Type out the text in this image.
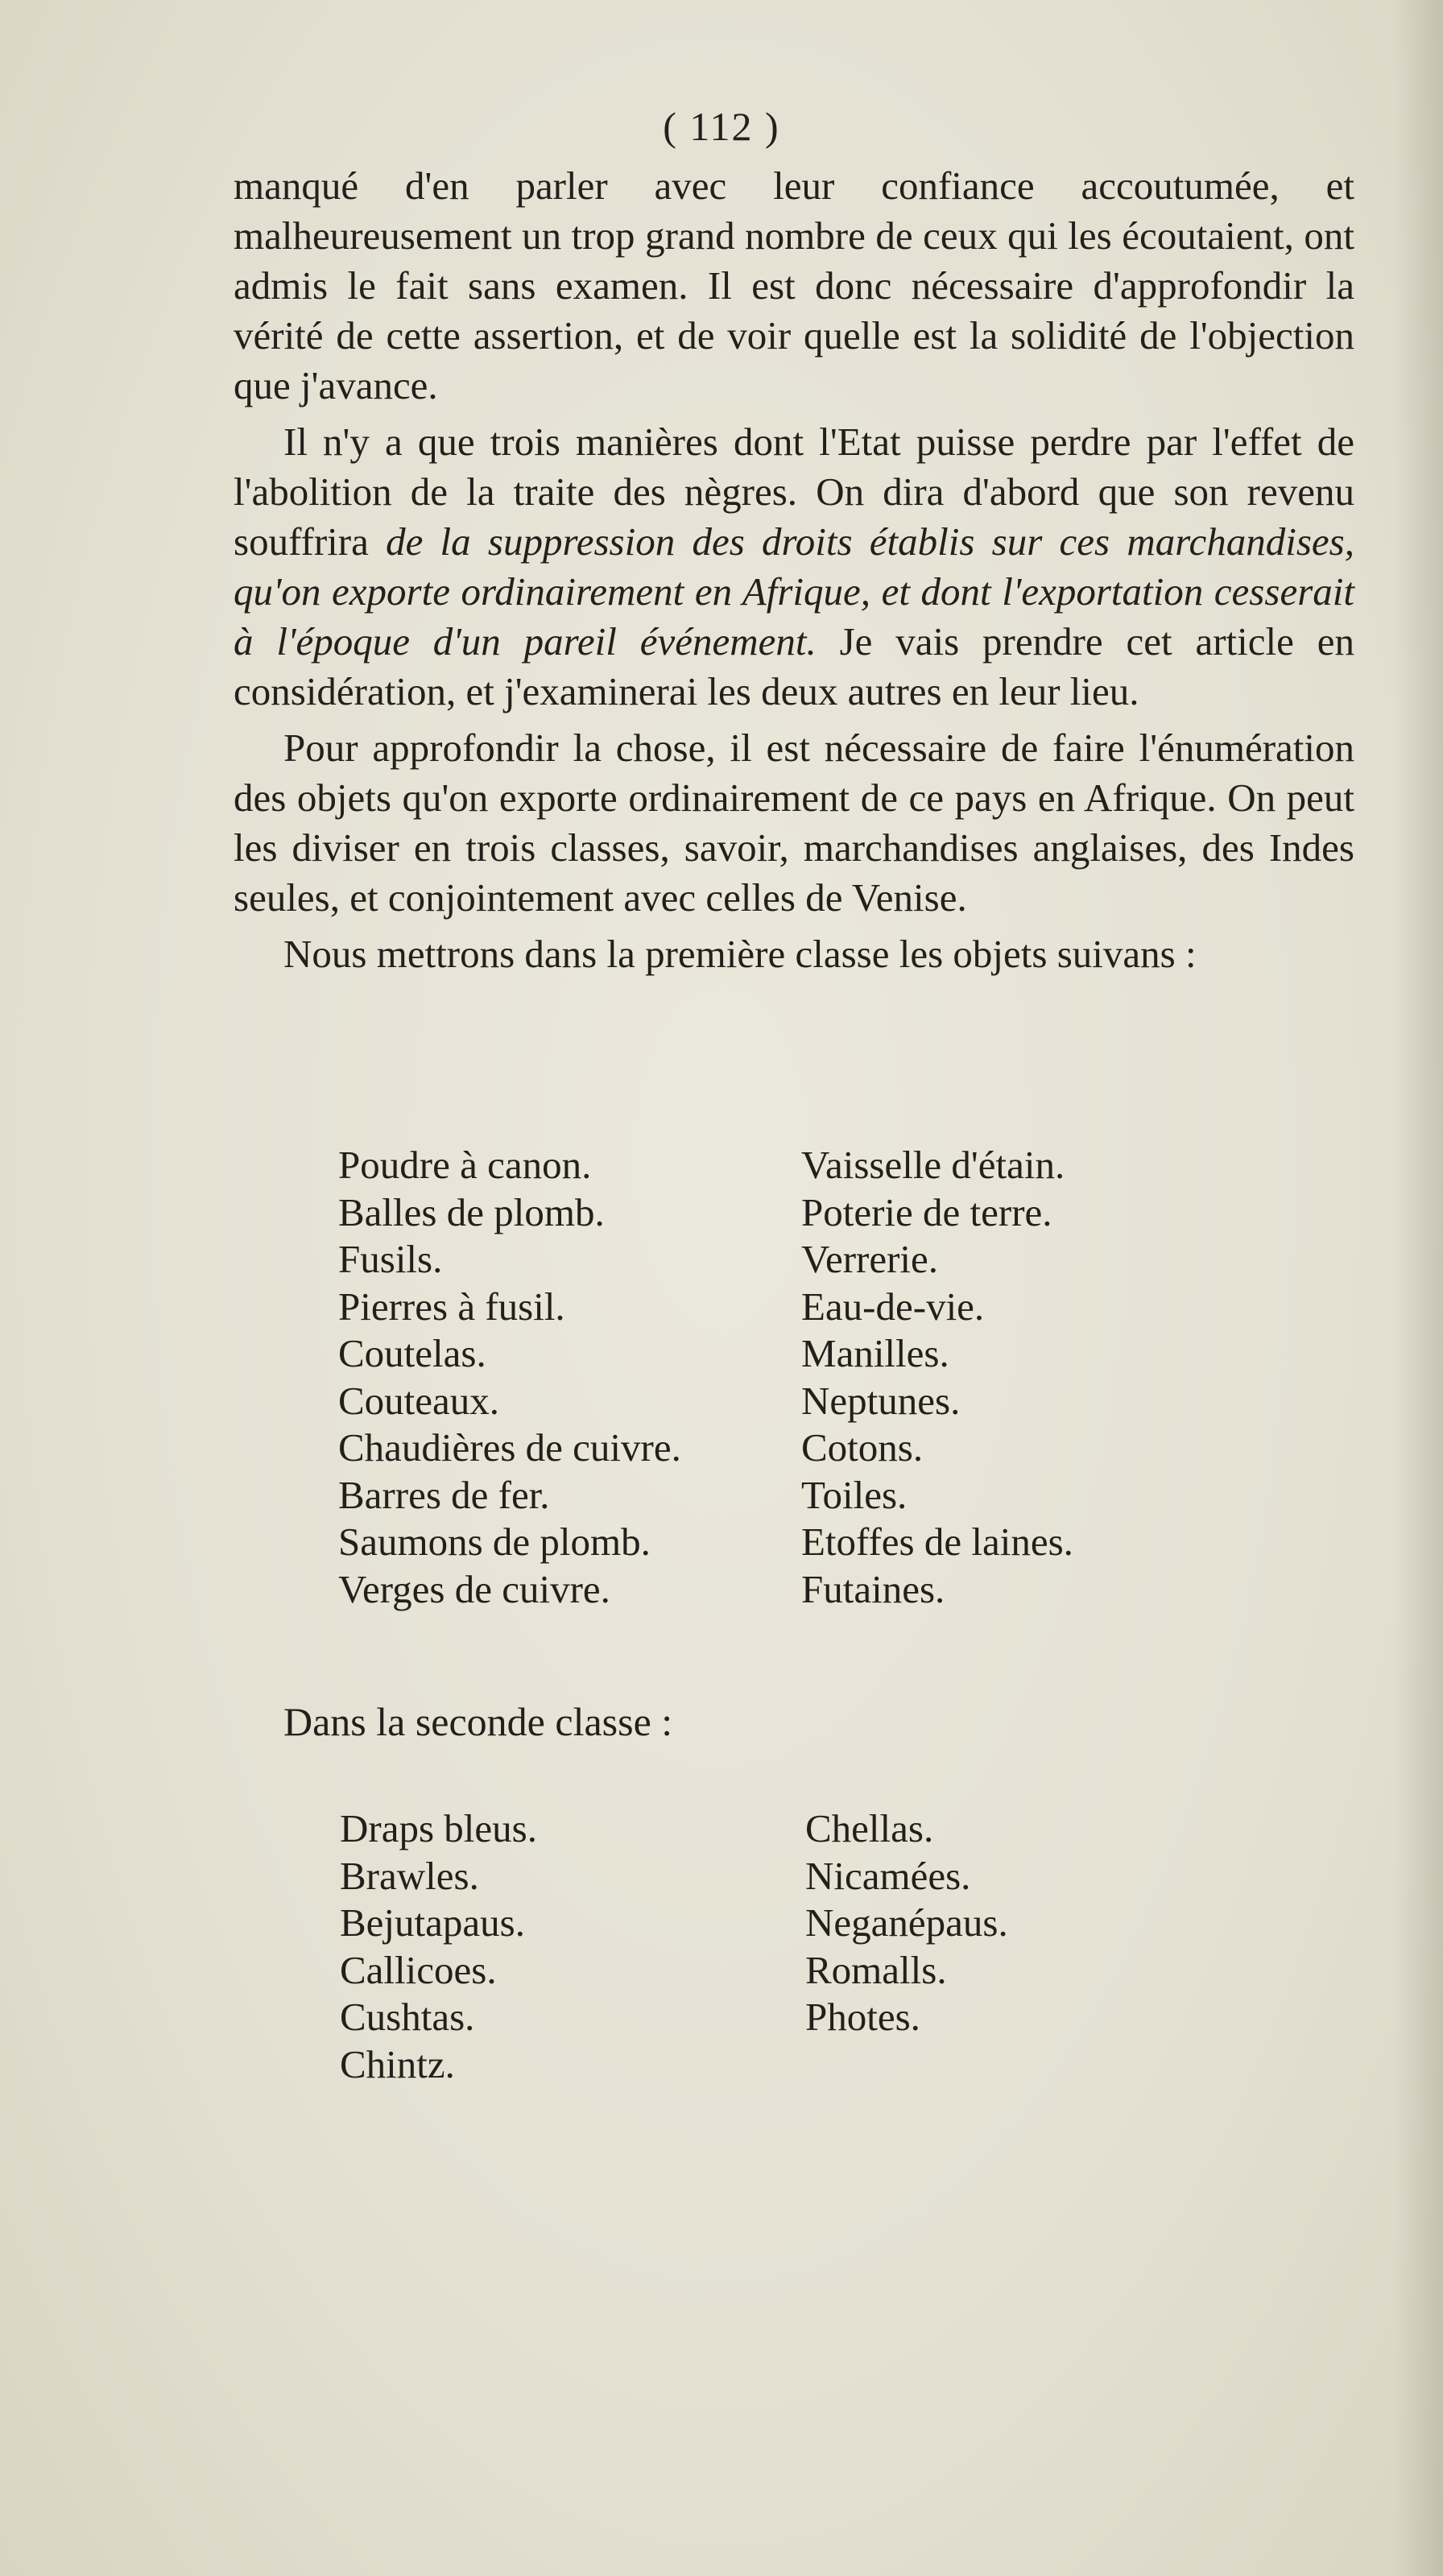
( 112 )

manqué d'en parler avec leur confiance accoutumée, et malheureusement un trop grand nombre de ceux qui les écoutaient, ont admis le fait sans examen. Il est donc nécessaire d'approfondir la vérité de cette assertion, et de voir quelle est la solidité de l'objection que j'avance.

Il n'y a que trois manières dont l'Etat puisse perdre par l'effet de l'abolition de la traite des nègres. On dira d'abord que son revenu souffrira de la suppression des droits établis sur ces marchandises, qu'on exporte ordinairement en Afrique, et dont l'exportation cesserait à l'époque d'un pareil événement. Je vais prendre cet article en considération, et j'examinerai les deux autres en leur lieu.

Pour approfondir la chose, il est nécessaire de faire l'énumération des objets qu'on exporte ordinairement de ce pays en Afrique. On peut les diviser en trois classes, savoir, marchandises anglaises, des Indes seules, et conjointement avec celles de Venise.

Nous mettrons dans la première classe les objets suivans :

Poudre à canon.
Balles de plomb.
Fusils.
Pierres à fusil.
Coutelas.
Couteaux.
Chaudières de cuivre.
Barres de fer.
Saumons de plomb.
Verges de cuivre.
Vaisselle d'étain.
Poterie de terre.
Verrerie.
Eau-de-vie.
Manilles.
Neptunes.
Cotons.
Toiles.
Etoffes de laines.
Futaines.
Dans la seconde classe :
Draps bleus.
Brawles.
Bejutapaus.
Callicoes.
Cushtas.
Chintz.
Chellas.
Nicamées.
Neganépaus.
Romalls.
Photes.
